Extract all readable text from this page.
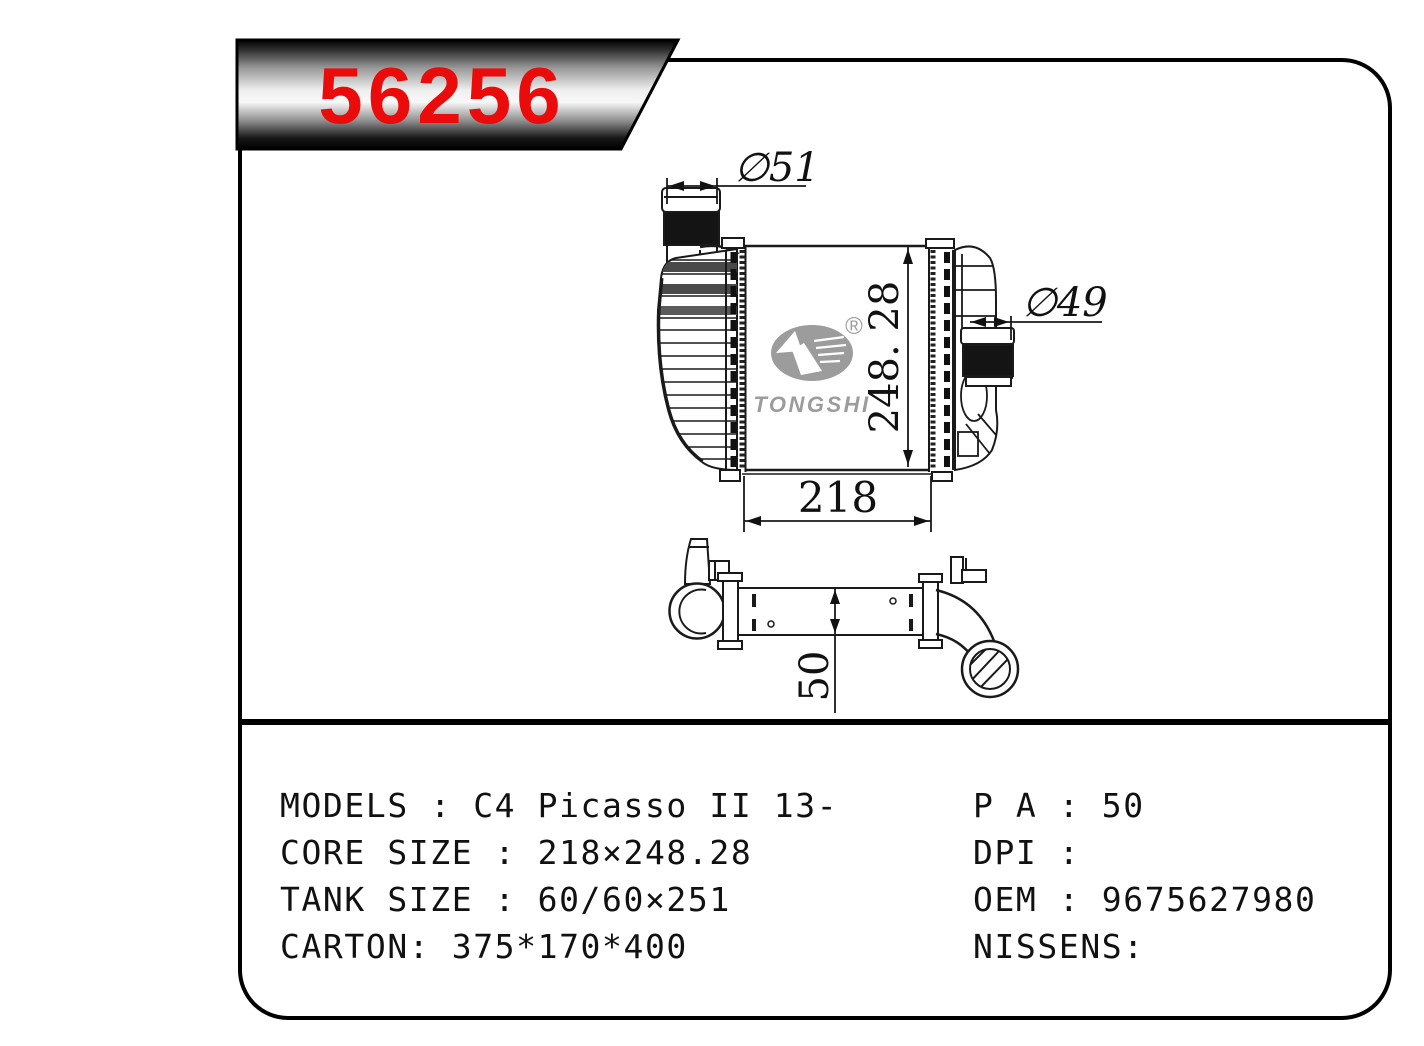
∅51
∅49
248. 28
218
®
TONGSHI
50
56256
MODELS : C4 Picasso II 13-
CORE SIZE : 218×248.28
TANK SIZE : 60/60×251
CARTON: 375*170*400
P A : 50
DPI :
OEM : 9675627980
NISSENS:
